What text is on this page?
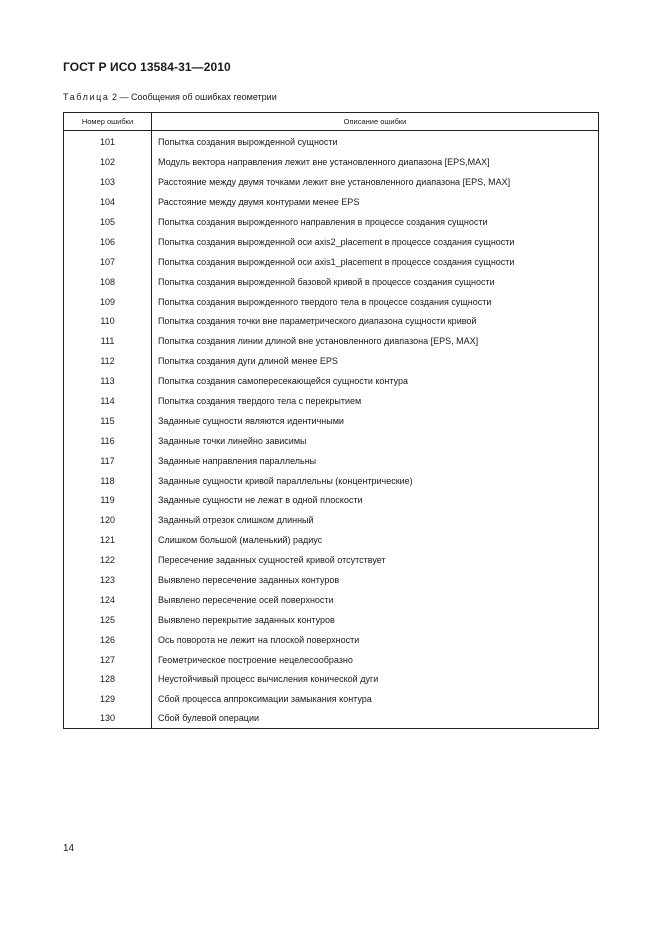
ГОСТ Р ИСО 13584-31—2010
Таблица 2 — Сообщения об ошибках геометрии
Номер ошибки	Описание ошибки
101	Попытка создания вырожденной сущности
102	Модуль вектора направления лежит вне установленного диапазона [EPS,MAX]
103	Расстояние между двумя точками лежит вне установленного диапазона [EPS, MAX]
104	Расстояние между двумя контурами менее EPS
105	Попытка создания вырожденного направления в процессе создания сущности
106	Попытка создания вырожденной оси axis2_placement в процессе создания сущности
107	Попытка создания вырожденной оси axis1_placement в процессе создания сущности
108	Попытка создания вырожденной базовой кривой в процессе создания сущности
109	Попытка создания вырожденного твердого тела в процессе создания сущности
110	Попытка создания точки вне параметрического диапазона сущности кривой
111	Попытка создания линии длиной вне установленного диапазона [EPS, MAX]
112	Попытка создания дуги длиной менее EPS
113	Попытка создания самопересекающейся сущности контура
114	Попытка создания твердого тела с перекрытием
115	Заданные сущности являются идентичными
116	Заданные точки линейно зависимы
117	Заданные направления параллельны
118	Заданные сущности кривой параллельны (концентрические)
119	Заданные сущности не лежат в одной плоскости
120	Заданный отрезок слишком длинный
121	Слишком большой (маленький) радиус
122	Пересечение заданных сущностей кривой отсутствует
123	Выявлено пересечение заданных контуров
124	Выявлено пересечение осей поверхности
125	Выявлено перекрытие заданных контуров
126	Ось поворота не лежит на плоской поверхности
127	Геометрическое построение нецелесообразно
128	Неустойчивый процесс вычисления конической дуги
129	Сбой процесса аппроксимации замыкания контура
130	Сбой булевой операции
14
